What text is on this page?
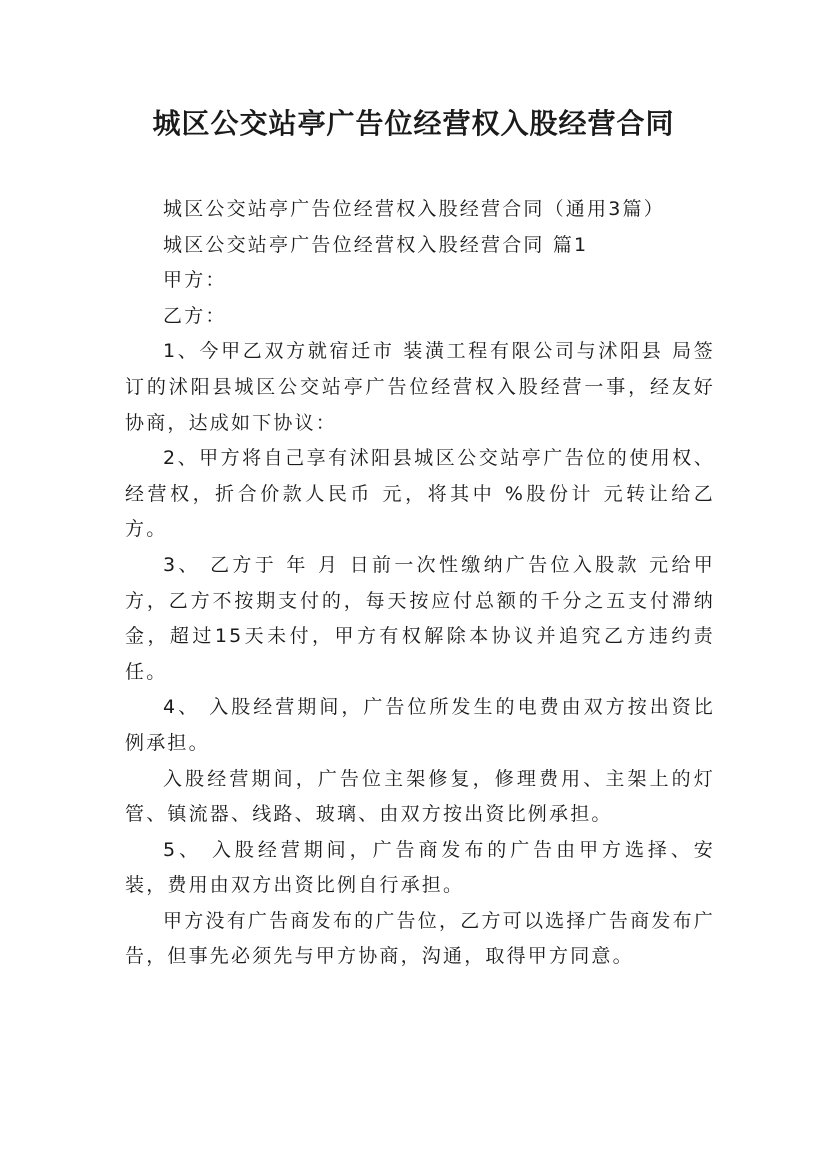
城区公交站亭广告位经营权入股经营合同

城区公交站亭广告位经营权入股经营合同（通用3篇）

城区公交站亭广告位经营权入股经营合同 篇1

甲方：

乙方：

1、今甲乙双方就宿迁市 装潢工程有限公司与沭阳县 局签订的沭阳县城区公交站亭广告位经营权入股经营一事，经友好协商，达成如下协议：

2、甲方将自己享有沭阳县城区公交站亭广告位的使用权、经营权，折合价款人民币 元，将其中 %股份计 元转让给乙方。

3、 乙方于 年 月 日前一次性缴纳广告位入股款 元给甲方，乙方不按期支付的，每天按应付总额的千分之五支付滞纳金，超过15天未付，甲方有权解除本协议并追究乙方违约责任。

4、 入股经营期间，广告位所发生的电费由双方按出资比例承担。

入股经营期间，广告位主架修复，修理费用、主架上的灯管、镇流器、线路、玻璃、由双方按出资比例承担。

5、 入股经营期间，广告商发布的广告由甲方选择、安装，费用由双方出资比例自行承担。

甲方没有广告商发布的广告位，乙方可以选择广告商发布广告，但事先必须先与甲方协商，沟通，取得甲方同意。
